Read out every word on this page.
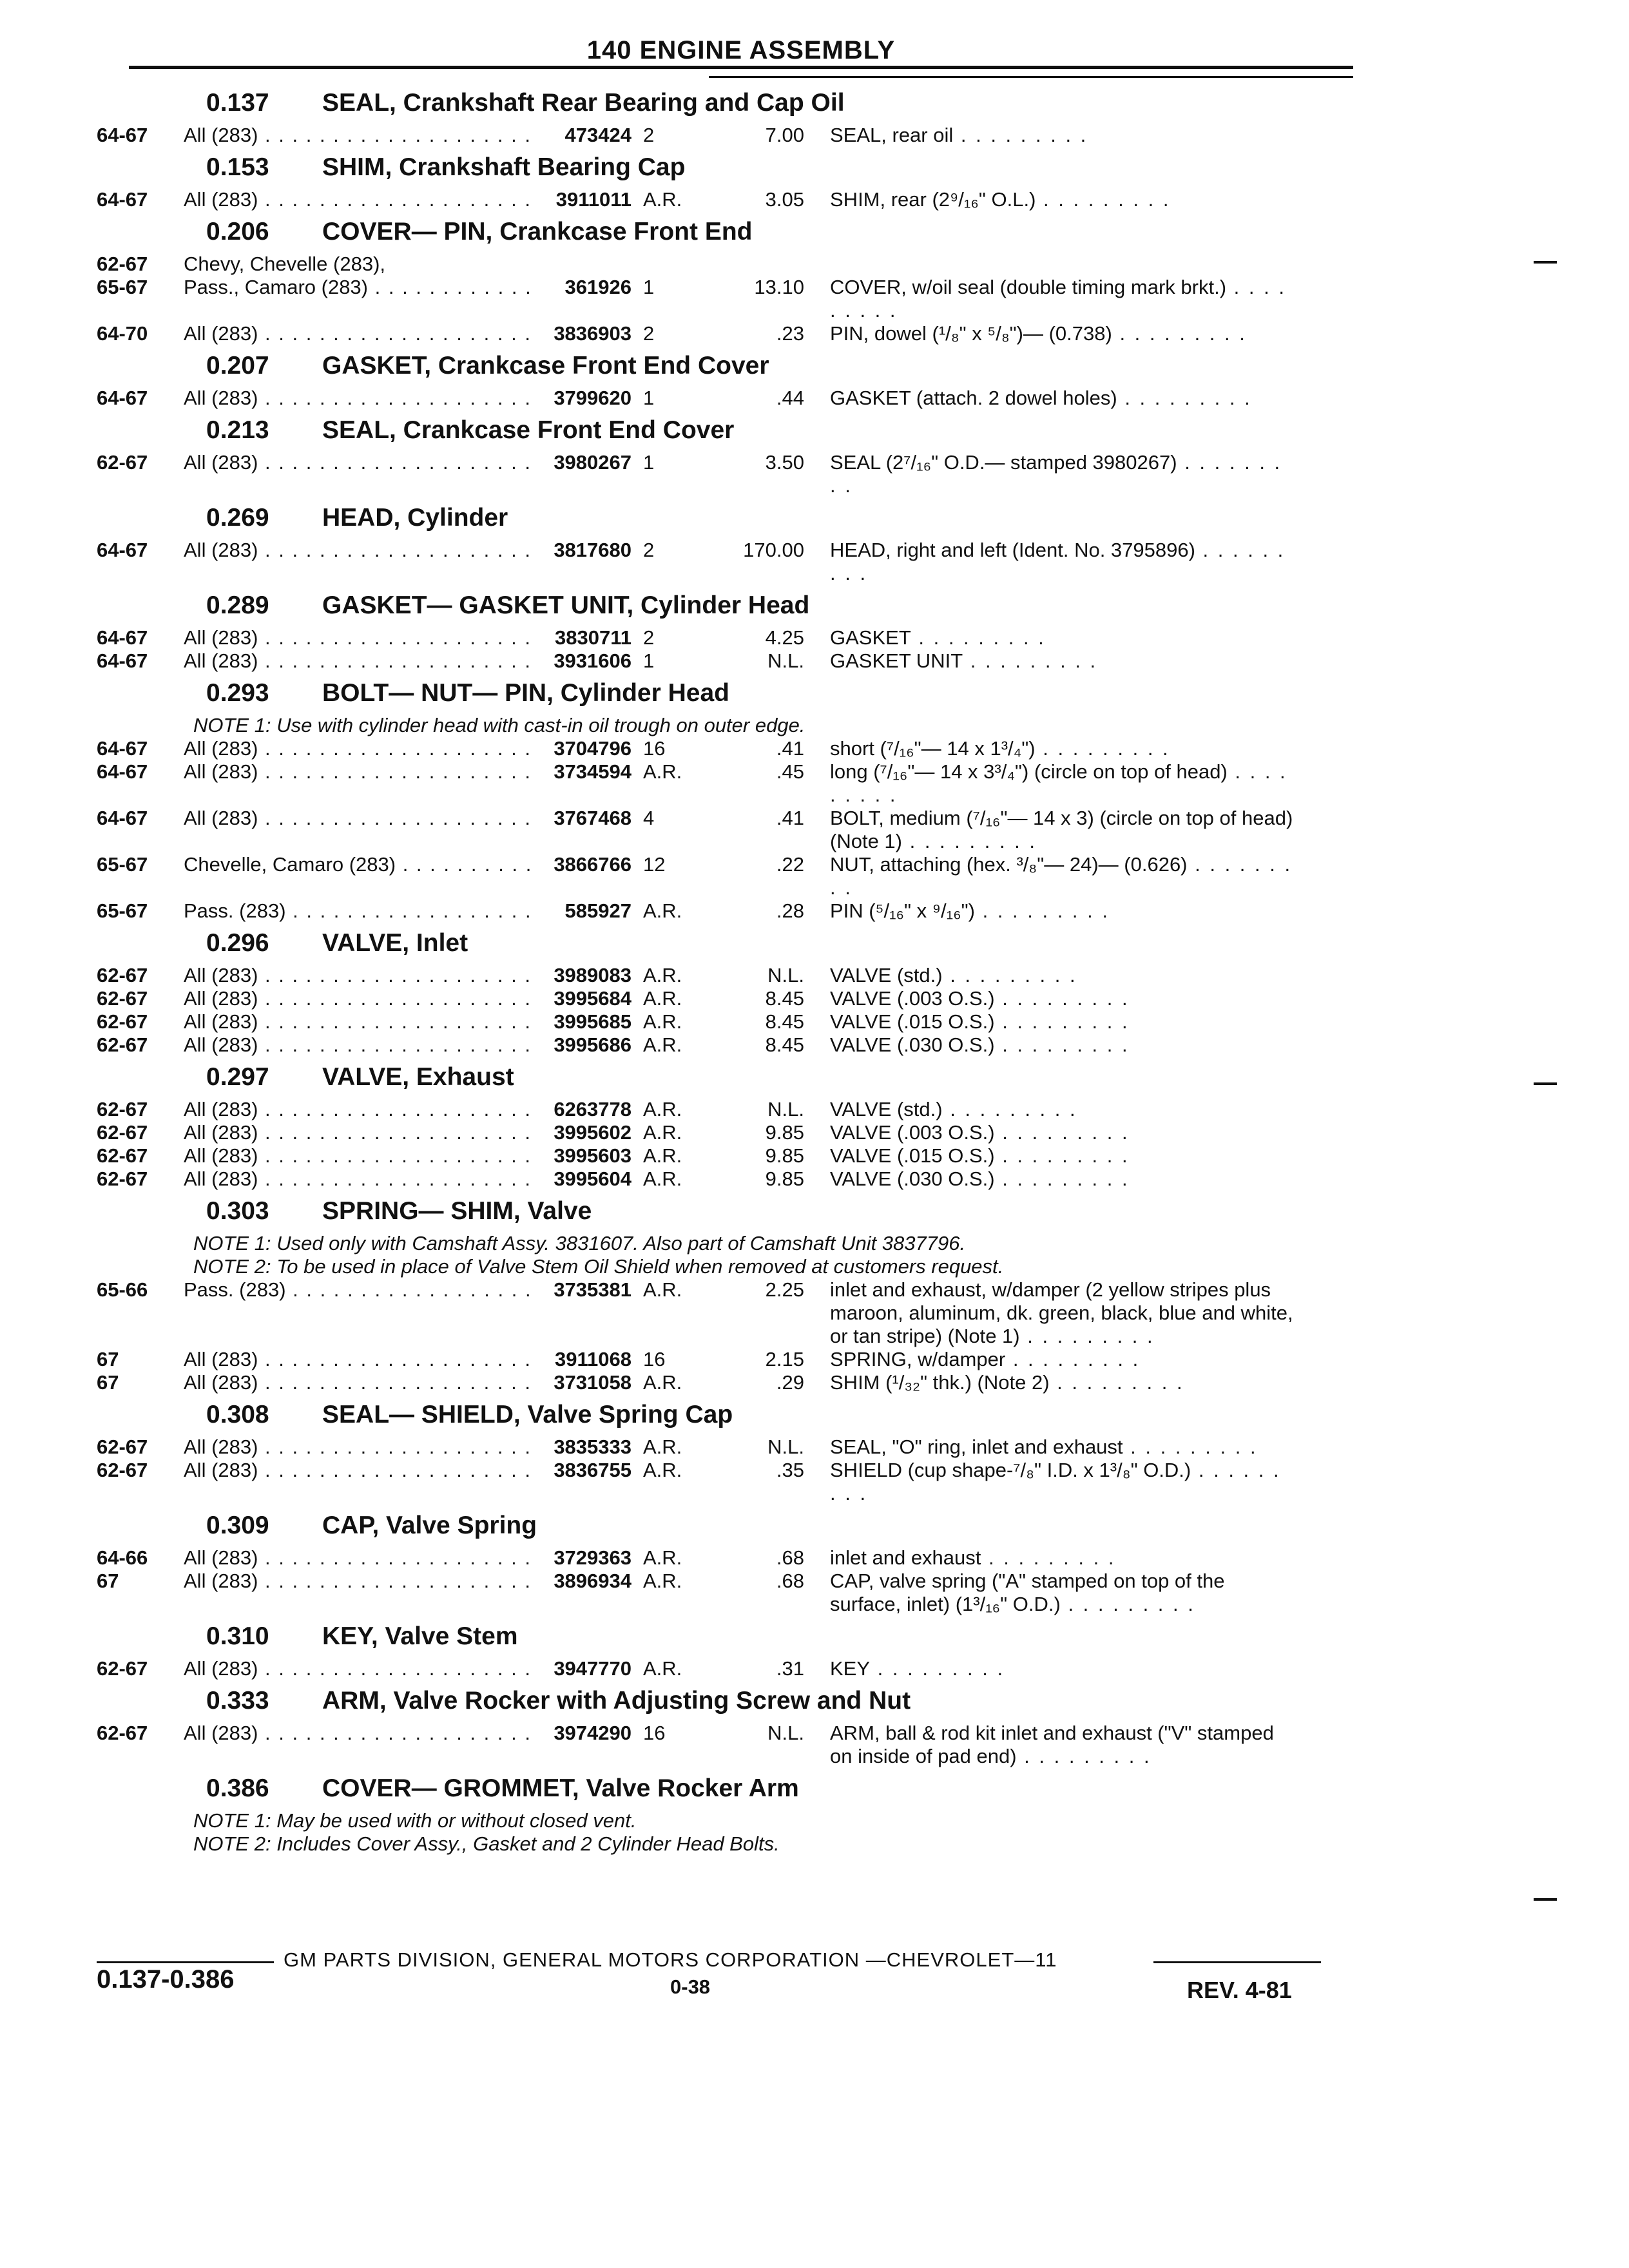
140 ENGINE ASSEMBLY
0.137	SEAL, Crankshaft Rear Bearing and Cap Oil
64-67	All (283) . . .	473424 2	7.00	SEAL, rear oil . . .
0.153	SHIM, Crankshaft Bearing Cap
64-67	All (283) . . .	3911011 A.R.	3.05	SHIM, rear (2⁹/₁₆" O.L.) . . .
0.206	COVER— PIN, Crankcase Front End
62-67	Chevy, Chevelle (283),
65-67	Pass., Camaro (283) . . .	361926 1	13.10	COVER, w/oil seal (double timing mark brkt.) . . .
64-70	All (283) . . .	3836903 2	.23	PIN, dowel (¹/₈" x ⁵/₈")— (0.738) . . .
0.207	GASKET, Crankcase Front End Cover
64-67	All (283) . . .	3799620 1	.44	GASKET (attach. 2 dowel holes) . . .
0.213	SEAL, Crankcase Front End Cover
62-67	All (283) . . .	3980267 1	3.50	SEAL (2⁷/₁₆" O.D.— stamped 3980267) . . .
0.269	HEAD, Cylinder
64-67	All (283) . . .	3817680 2	170.00	HEAD, right and left (Ident. No. 3795896) . . .
0.289	GASKET— GASKET UNIT, Cylinder Head
64-67	All (283) . . .	3830711 2	4.25	GASKET . . .
64-67	All (283) . . .	3931606 1	N.L.	GASKET UNIT . . .
0.293	BOLT— NUT— PIN, Cylinder Head
NOTE 1: Use with cylinder head with cast-in oil trough on outer edge.
64-67	All (283) . . .	3704796 16	.41	short (⁷/₁₆"— 14 x 1³/₄") . . .
64-67	All (283) . . .	3734594 A.R.	.45	long (⁷/₁₆"— 14 x 3³/₄") (circle on top of head) . . .
64-67	All (283) . . .	3767468 4	.41	BOLT, medium (⁷/₁₆"— 14 x 3) (circle on top of head) (Note 1) . . .
65-67	Chevelle, Camaro (283) . . .	3866766 12	.22	NUT, attaching (hex. ³/₈"— 24)— (0.626) . . .
65-67	Pass. (283) . . .	585927 A.R.	.28	PIN (⁵/₁₆" x ⁹/₁₆") . . .
0.296	VALVE, Inlet
62-67	All (283) . . .	3989083 A.R.	N.L.	VALVE (std.) . . .
62-67	All (283) . . .	3995684 A.R.	8.45	VALVE (.003 O.S.) . . .
62-67	All (283) . . .	3995685 A.R.	8.45	VALVE (.015 O.S.) . . .
62-67	All (283) . . .	3995686 A.R.	8.45	VALVE (.030 O.S.) . . .
0.297	VALVE, Exhaust
62-67	All (283) . . .	6263778 A.R.	N.L.	VALVE (std.) . . .
62-67	All (283) . . .	3995602 A.R.	9.85	VALVE (.003 O.S.) . . .
62-67	All (283) . . .	3995603 A.R.	9.85	VALVE (.015 O.S.) . . .
62-67	All (283) . . .	3995604 A.R.	9.85	VALVE (.030 O.S.) . . .
0.303	SPRING— SHIM, Valve
NOTE 1: Used only with Camshaft Assy. 3831607. Also part of Camshaft Unit 3837796.
NOTE 2: To be used in place of Valve Stem Oil Shield when removed at customers request.
65-66	Pass. (283) . . .	3735381 A.R.	2.25	inlet and exhaust, w/damper (2 yellow stripes plus maroon, aluminum, dk. green, black, blue and white, or tan stripe) (Note 1) . . .
67	All (283) . . .	3911068 16	2.15	SPRING, w/damper . . .
67	All (283) . . .	3731058 A.R.	.29	SHIM (¹/₃₂" thk.) (Note 2) . . .
0.308	SEAL— SHIELD, Valve Spring Cap
62-67	All (283) . . .	3835333 A.R.	N.L.	SEAL, "O" ring, inlet and exhaust . . .
62-67	All (283) . . .	3836755 A.R.	.35	SHIELD (cup shape-⁷/₈" I.D. x 1³/₈" O.D.) . . .
0.309	CAP, Valve Spring
64-66	All (283) . . .	3729363 A.R.	.68	inlet and exhaust . . .
67	All (283) . . .	3896934 A.R.	.68	CAP, valve spring ("A" stamped on top of the surface, inlet) (1³/₁₆" O.D.) . . .
0.310	KEY, Valve Stem
62-67	All (283) . . .	3947770 A.R.	.31	KEY . . .
0.333	ARM, Valve Rocker with Adjusting Screw and Nut
62-67	All (283) . . .	3974290 16	N.L.	ARM, ball & rod kit inlet and exhaust ("V" stamped on inside of pad end) . . .
0.386	COVER— GROMMET, Valve Rocker Arm
NOTE 1: May be used with or without closed vent.
NOTE 2: Includes Cover Assy., Gasket and 2 Cylinder Head Bolts.
0.137-0.386
GM PARTS DIVISION, GENERAL MOTORS CORPORATION —CHEVROLET—11
0-38	REV. 4-81
